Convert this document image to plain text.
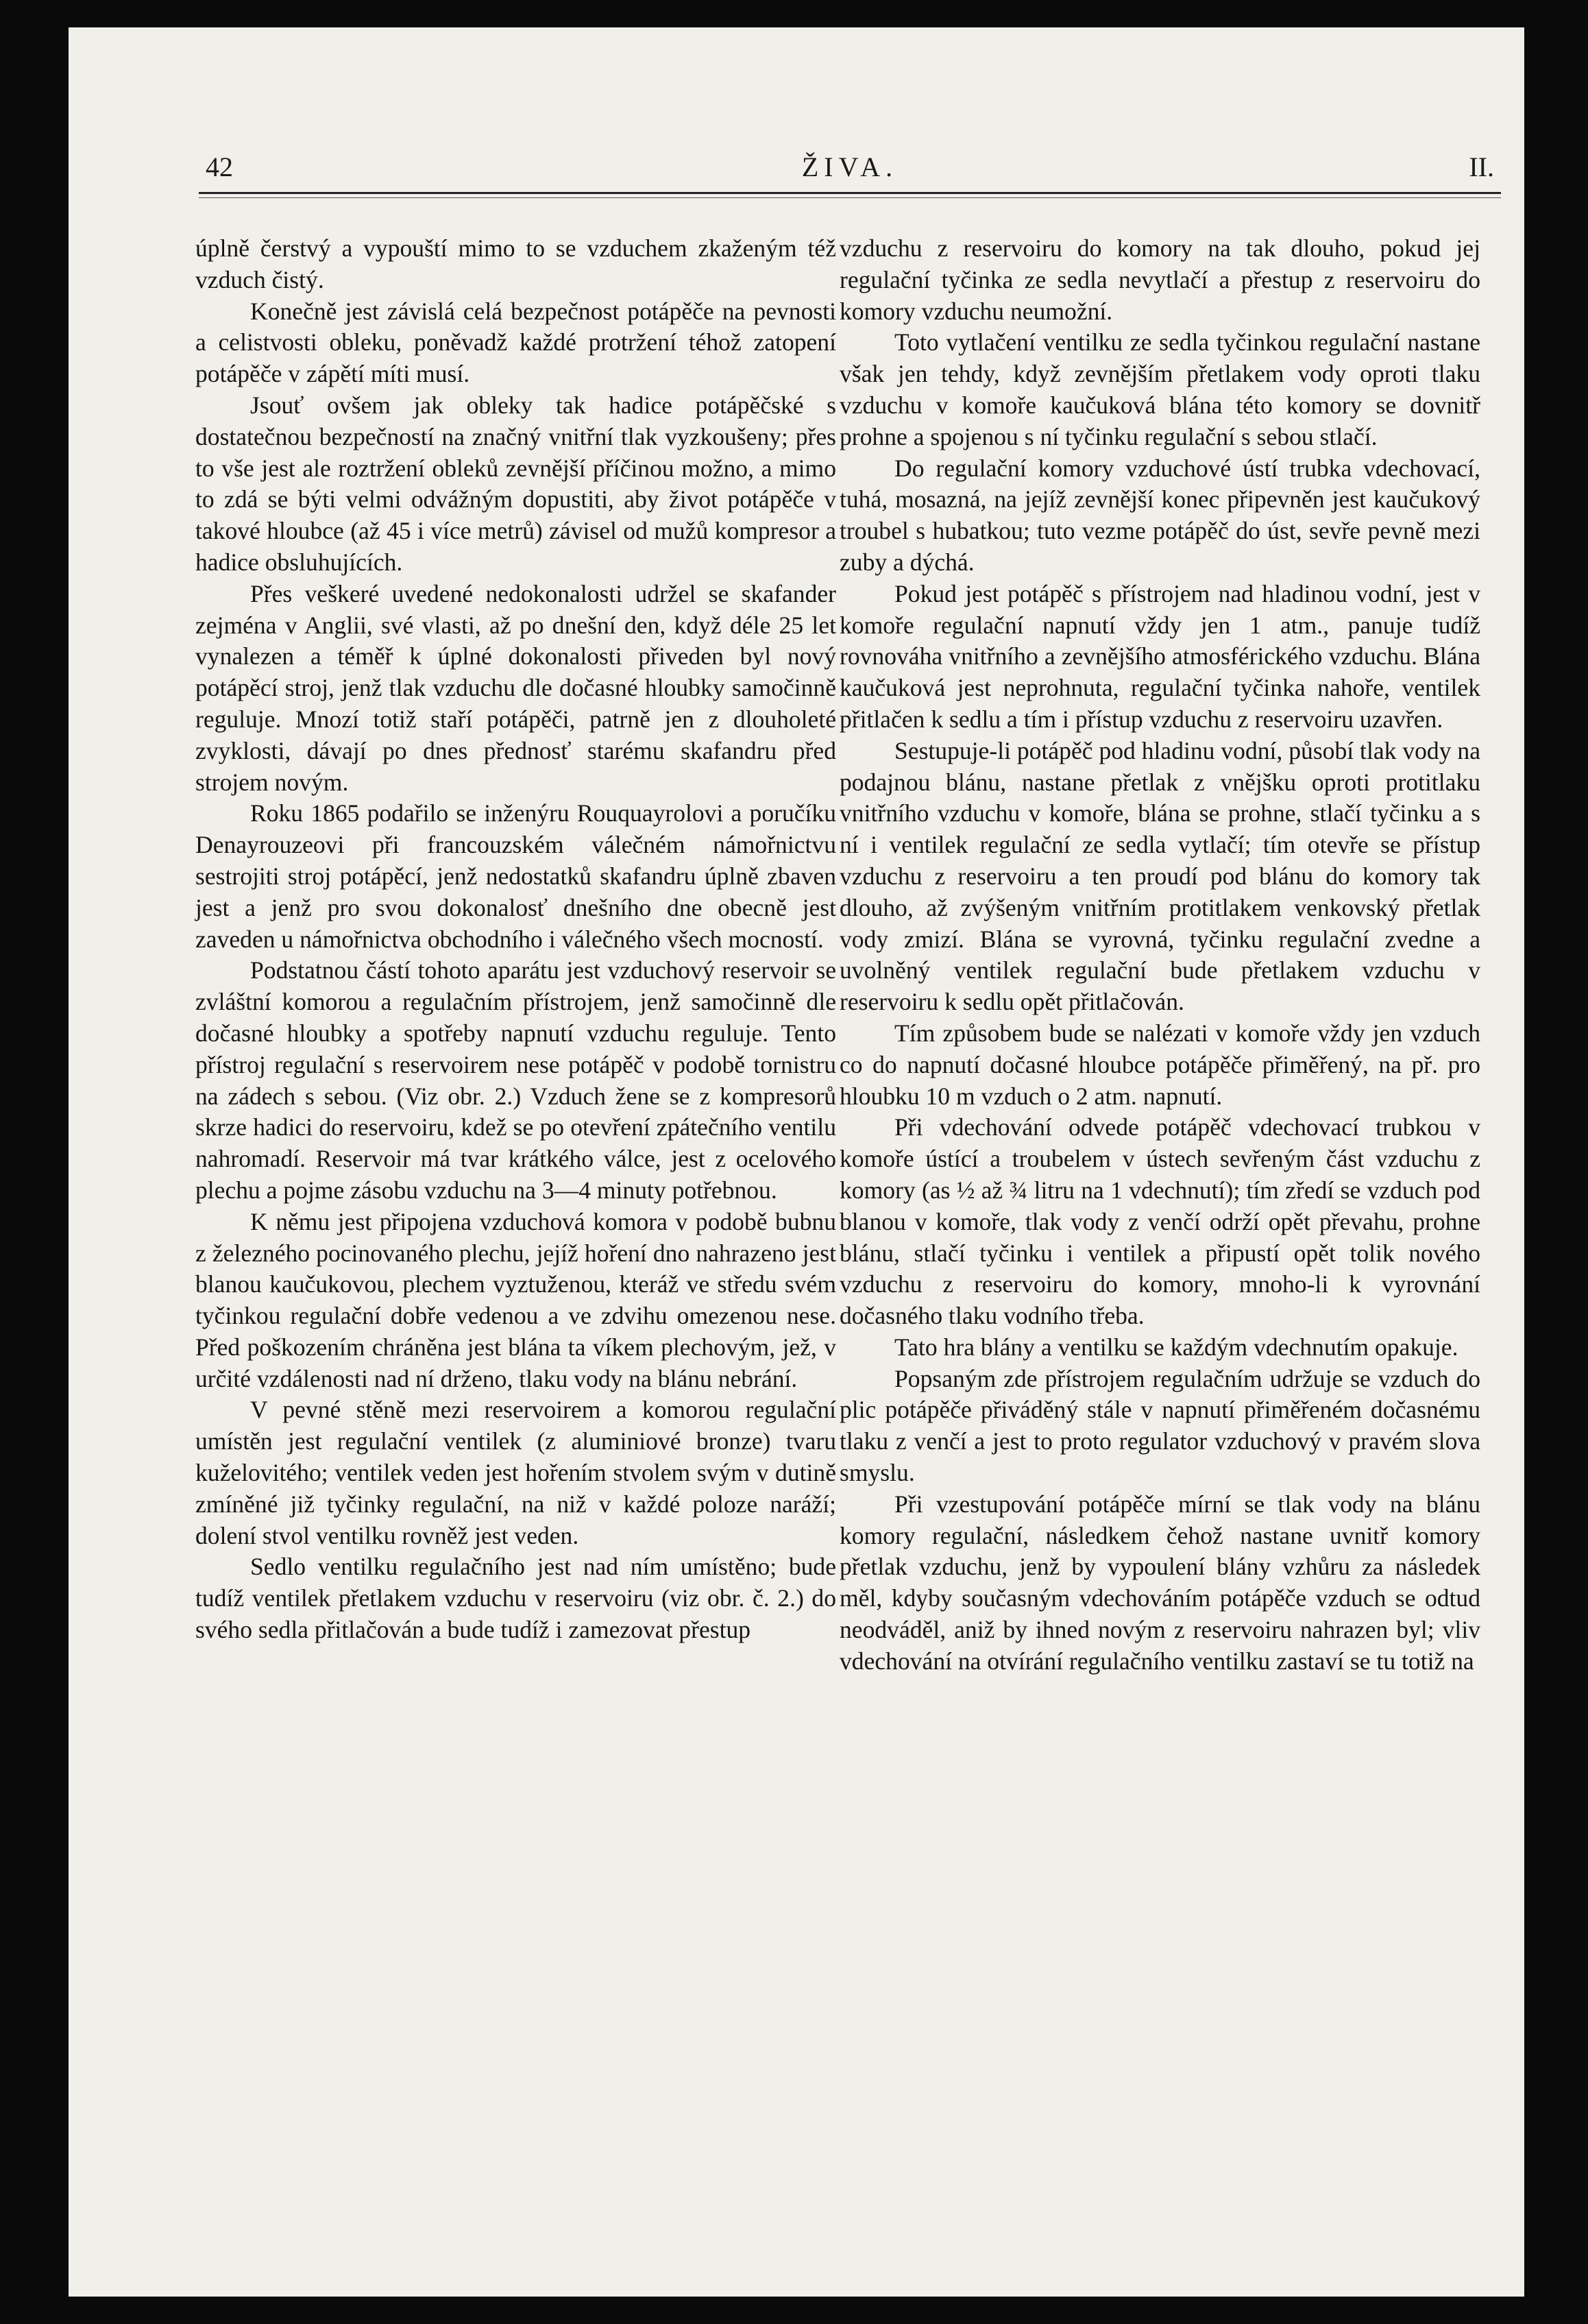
42	ŽIVA.	II.

úplně čerstvý a vypouští mimo to se vzduchem zkaženým též vzduch čistý.

Konečně jest závislá celá bezpečnost potápěče na pevnosti a celistvosti obleku, poněvadž každé protržení téhož zatopení potápěče v zápětí míti musí.

Jsouť ovšem jak obleky tak hadice potápěčské s dostatečnou bezpečností na značný vnitřní tlak vyzkoušeny; přes to vše jest ale roztržení obleků zevnější příčinou možno, a mimo to zdá se býti velmi odvážným dopustiti, aby život potápěče v takové hloubce (až 45 i více metrů) závisel od mužů kompresor a hadice obsluhujících.

Přes veškeré uvedené nedokonalosti udržel se skafander zejména v Anglii, své vlasti, až po dnešní den, když déle 25 let vynalezen a téměř k úplné dokonalosti přiveden byl nový potápěcí stroj, jenž tlak vzduchu dle dočasné hloubky samočinně reguluje. Mnozí totiž staří potápěči, patrně jen z dlouholeté zvyklosti, dávají po dnes přednosť starému skafandru před strojem novým.

Roku 1865 podařilo se inženýru Rouquayrolovi a poručíku Denayrouzeovi při francouzském válečném námořnictvu sestrojiti stroj potápěcí, jenž nedostatků skafandru úplně zbaven jest a jenž pro svou dokonalosť dnešního dne obecně jest zaveden u námořnictva obchodního i válečného všech mocností.

Podstatnou částí tohoto aparátu jest vzduchový reservoir se zvláštní komorou a regulačním přístrojem, jenž samočinně dle dočasné hloubky a spotřeby napnutí vzduchu reguluje. Tento přístroj regulační s reservoirem nese potápěč v podobě tornistru na zádech s sebou. (Viz obr. 2.) Vzduch žene se z kompresorů skrze hadici do reservoiru, kdež se po otevření zpátečního ventilu nahromadí. Reservoir má tvar krátkého válce, jest z ocelového plechu a pojme zásobu vzduchu na 3—4 minuty potřebnou.

K němu jest připojena vzduchová komora v podobě bubnu z železného pocinovaného plechu, jejíž hoření dno nahrazeno jest blanou kaučukovou, plechem vyztuženou, kteráž ve středu svém tyčinkou regulační dobře vedenou a ve zdvihu omezenou nese. Před poškozením chráněna jest blána ta víkem plechovým, jež, v určité vzdálenosti nad ní drženo, tlaku vody na blánu nebrání.

V pevné stěně mezi reservoirem a komorou regulační umístěn jest regulační ventilek (z aluminiové bronze) tvaru kuželovitého; ventilek veden jest hořením stvolem svým v dutině zmíněné již tyčinky regulační, na niž v každé poloze naráží; dolení stvol ventilku rovněž jest veden.

Sedlo ventilku regulačního jest nad ním umístěno; bude tudíž ventilek přetlakem vzduchu v reservoiru (viz obr. č. 2.) do svého sedla přitlačován a bude tudíž i zamezovat přestup

vzduchu z reservoiru do komory na tak dlouho, pokud jej regulační tyčinka ze sedla nevytlačí a přestup z reservoiru do komory vzduchu neumožní.

Toto vytlačení ventilku ze sedla tyčinkou regulační nastane však jen tehdy, když zevnějším přetlakem vody oproti tlaku vzduchu v komoře kaučuková blána této komory se dovnitř prohne a spojenou s ní tyčinku regulační s sebou stlačí.

Do regulační komory vzduchové ústí trubka vdechovací, tuhá, mosazná, na jejíž zevnější konec připevněn jest kaučukový troubel s hubatkou; tuto vezme potápěč do úst, sevře pevně mezi zuby a dýchá.

Pokud jest potápěč s přístrojem nad hladinou vodní, jest v komoře regulační napnutí vždy jen 1 atm., panuje tudíž rovnováha vnitřního a zevnějšího atmosférického vzduchu. Blána kaučuková jest neprohnuta, regulační tyčinka nahoře, ventilek přitlačen k sedlu a tím i přístup vzduchu z reservoiru uzavřen.

Sestupuje-li potápěč pod hladinu vodní, působí tlak vody na podajnou blánu, nastane přetlak z vnějšku oproti protitlaku vnitřního vzduchu v komoře, blána se prohne, stlačí tyčinku a s ní i ventilek regulační ze sedla vytlačí; tím otevře se přístup vzduchu z reservoiru a ten proudí pod blánu do komory tak dlouho, až zvýšeným vnitřním protitlakem venkovský přetlak vody zmizí. Blána se vyrovná, tyčinku regulační zvedne a uvolněný ventilek regulační bude přetlakem vzduchu v reservoiru k sedlu opět přitlačován.

Tím způsobem bude se nalézati v komoře vždy jen vzduch co do napnutí dočasné hloubce potápěče přiměřený, na př. pro hloubku 10 m vzduch o 2 atm. napnutí.

Při vdechování odvede potápěč vdechovací trubkou v komoře ústící a troubelem v ústech sevřeným část vzduchu z komory (as ½ až ¾ litru na 1 vdechnutí); tím zředí se vzduch pod blanou v komoře, tlak vody z venčí održí opět převahu, prohne blánu, stlačí tyčinku i ventilek a připustí opět tolik nového vzduchu z reservoiru do komory, mnoho-li k vyrovnání dočasného tlaku vodního třeba.

Tato hra blány a ventilku se každým vdechnutím opakuje.

Popsaným zde přístrojem regulačním udržuje se vzduch do plic potápěče přiváděný stále v napnutí přiměřeném dočasnému tlaku z venčí a jest to proto regulator vzduchový v pravém slova smyslu.

Při vzestupování potápěče mírní se tlak vody na blánu komory regulační, následkem čehož nastane uvnitř komory přetlak vzduchu, jenž by vypoulení blány vzhůru za následek měl, kdyby současným vdechováním potápěče vzduch se odtud neodváděl, aniž by ihned novým z reservoiru nahrazen byl; vliv vdechování na otvírání regulačního ventilku zastaví se tu totiž na
